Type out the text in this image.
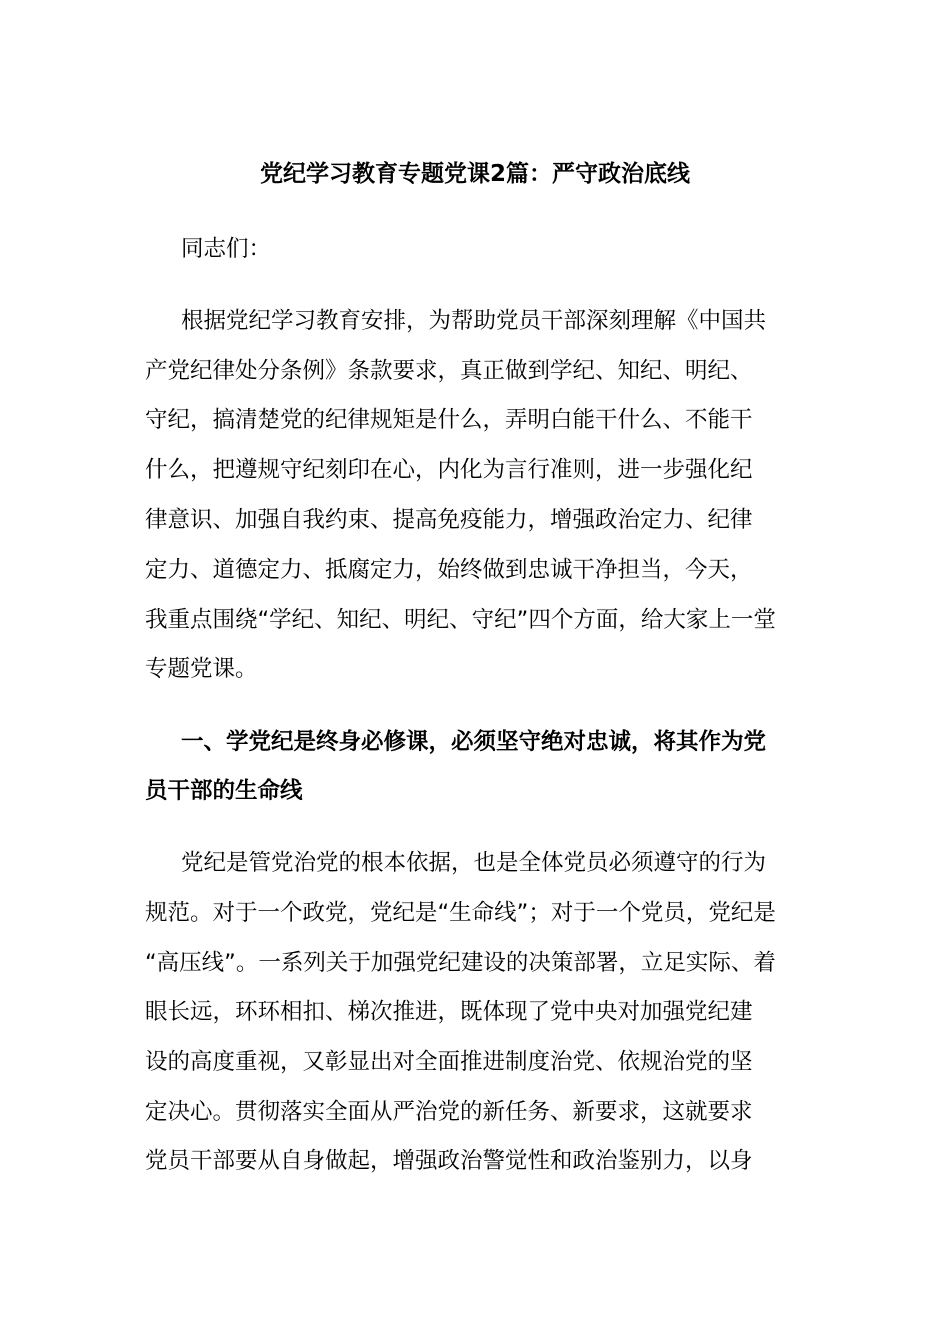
党纪学习教育专题党课2篇：严守政治底线
同志们：
根据党纪学习教育安排，为帮助党员干部深刻理解《中国共
产党纪律处分条例》条款要求，真正做到学纪、知纪、明纪、
守纪，搞清楚党的纪律规矩是什么，弄明白能干什么、不能干
什么，把遵规守纪刻印在心，内化为言行准则，进一步强化纪
律意识、加强自我约束、提高免疫能力，增强政治定力、纪律
定力、道德定力、抵腐定力，始终做到忠诚干净担当，今天，
我重点围绕“学纪、知纪、明纪、守纪”四个方面，给大家上一堂
专题党课。
一、学党纪是终身必修课，必须坚守绝对忠诚，将其作为党
员干部的生命线
党纪是管党治党的根本依据，也是全体党员必须遵守的行为
规范。对于一个政党，党纪是“生命线”；对于一个党员，党纪是
“高压线”。一系列关于加强党纪建设的决策部署，立足实际、着
眼长远，环环相扣、梯次推进，既体现了党中央对加强党纪建
设的高度重视，又彰显出对全面推进制度治党、依规治党的坚
定决心。贯彻落实全面从严治党的新任务、新要求，这就要求
党员干部要从自身做起，增强政治警觉性和政治鉴别力，以身
